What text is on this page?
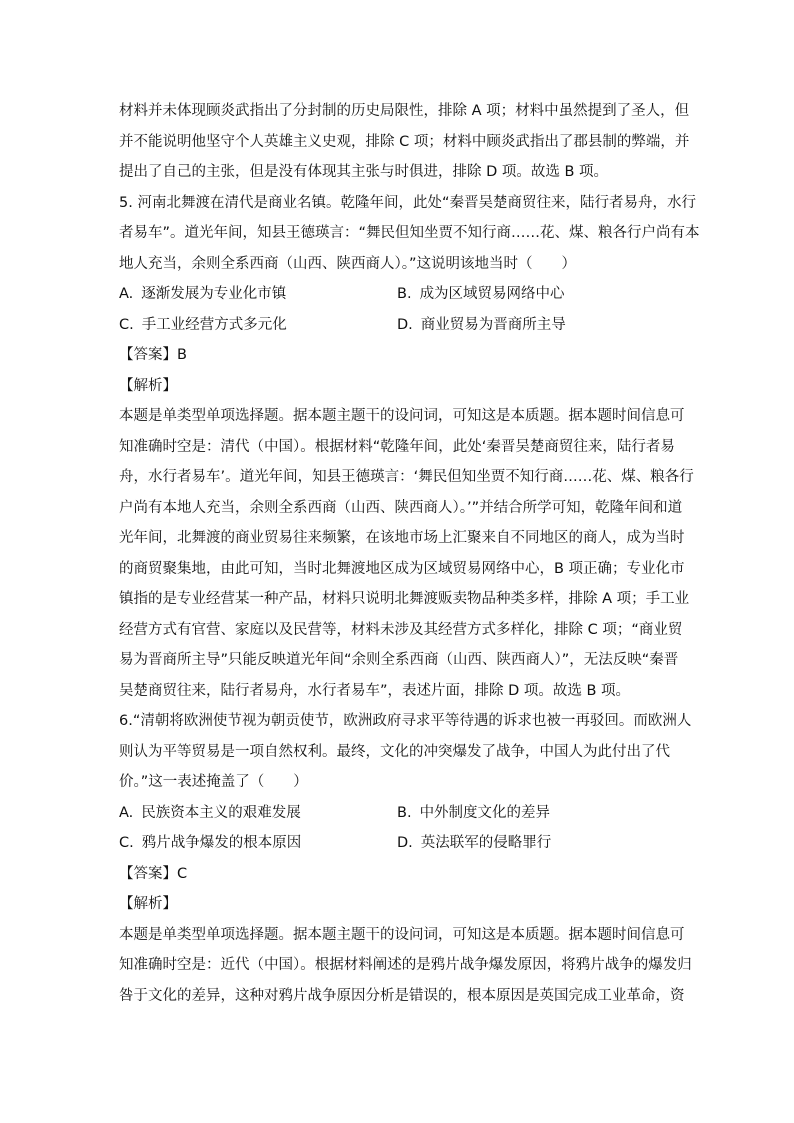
材料并未体现顾炎武指出了分封制的历史局限性，排除 A 项；材料中虽然提到了圣人，但
并不能说明他坚守个人英雄主义史观，排除 C 项；材料中顾炎武指出了郡县制的弊端，并
提出了自己的主张，但是没有体现其主张与时俱进，排除 D 项。故选 B 项。
5. 河南北舞渡在清代是商业名镇。乾隆年间，此处“秦晋吴楚商贸往来，陆行者易舟，水行
者易车”。道光年间，知县王德瑛言：“舞民但知坐贾不知行商……花、煤、粮各行户尚有本
地人充当，余则全系西商（山西、陕西商人）。”这说明该地当时（　　）
A. 逐渐发展为专业化市镇	B. 成为区域贸易网络中心
C. 手工业经营方式多元化	D. 商业贸易为晋商所主导
【答案】B
【解析】
本题是单类型单项选择题。据本题主题干的设问词，可知这是本质题。据本题时间信息可
知准确时空是：清代（中国）。根据材料“乾隆年间，此处‘秦晋吴楚商贸往来，陆行者易
舟，水行者易车’。道光年间，知县王德瑛言：‘舞民但知坐贾不知行商……花、煤、粮各行
户尚有本地人充当，余则全系西商（山西、陕西商人）。’”并结合所学可知，乾隆年间和道
光年间，北舞渡的商业贸易往来频繁，在该地市场上汇聚来自不同地区的商人，成为当时
的商贸聚集地，由此可知，当时北舞渡地区成为区域贸易网络中心，B 项正确；专业化市
镇指的是专业经营某一种产品，材料只说明北舞渡贩卖物品种类多样，排除 A 项；手工业
经营方式有官营、家庭以及民营等，材料未涉及其经营方式多样化，排除 C 项；“商业贸
易为晋商所主导”只能反映道光年间“余则全系西商（山西、陕西商人）”，无法反映“秦晋
吴楚商贸往来，陆行者易舟，水行者易车”，表述片面，排除 D 项。故选 B 项。
6.“清朝将欧洲使节视为朝贡使节，欧洲政府寻求平等待遇的诉求也被一再驳回。而欧洲人
则认为平等贸易是一项自然权利。最终，文化的冲突爆发了战争，中国人为此付出了代
价。”这一表述掩盖了（　　）
A. 民族资本主义的艰难发展	B. 中外制度文化的差异
C. 鸦片战争爆发的根本原因	D. 英法联军的侵略罪行
【答案】C
【解析】
本题是单类型单项选择题。据本题主题干的设问词，可知这是本质题。据本题时间信息可
知准确时空是：近代（中国）。根据材料阐述的是鸦片战争爆发原因，将鸦片战争的爆发归
咎于文化的差异，这种对鸦片战争原因分析是错误的，根本原因是英国完成工业革命，资
